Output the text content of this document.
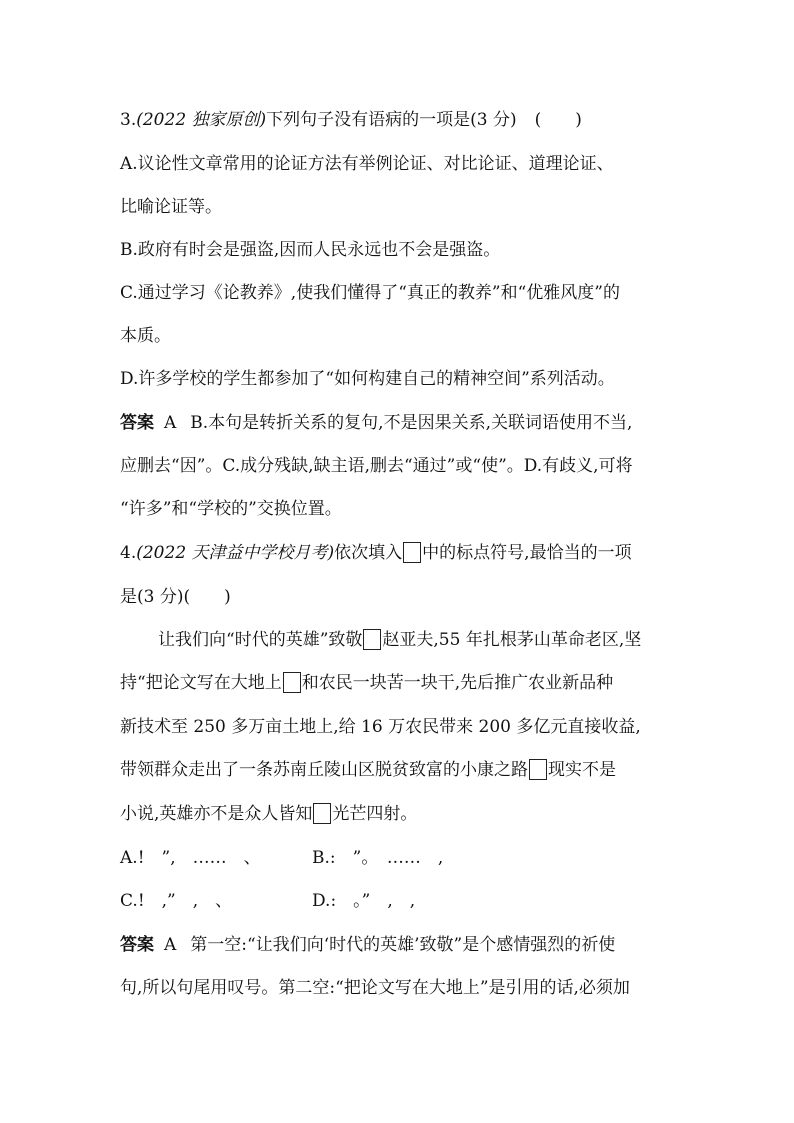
3.(2022 独家原创)下列句子没有语病的一项是(3 分) (　　)
A.议论性文章常用的论证方法有举例论证、对比论证、道理论证、
比喻论证等。
B.政府有时会是强盗,因而人民永远也不会是强盗。
C.通过学习《论教养》,使我们懂得了“真正的教养”和“优雅风度”的
本质。
D.许多学校的学生都参加了“如何构建自己的精神空间”系列活动。
答案 A B.本句是转折关系的复句,不是因果关系,关联词语使用不当,
应删去“因”。C.成分残缺,缺主语,删去“通过”或“使”。D.有歧义,可将
“许多”和“学校的”交换位置。
4.(2022 天津益中学校月考)依次填入 中的标点符号,最恰当的一项
是(3 分)(　　)
让我们向“时代的英雄”致敬 赵亚夫,55 年扎根茅山革命老区,坚
持“把论文写在大地上 和农民一块苦一块干,先后推广农业新品种
新技术至 250 多万亩土地上,给 16 万农民带来 200 多亿元直接收益,
带领群众走出了一条苏南丘陵山区脱贫致富的小康之路 现实不是
小说,英雄亦不是众人皆知 光芒四射。
A.!　”,　……　、	B.:　”。　……　,
C.!　,”　,　、	D.:　。”　,　,
答案 A 第一空:“让我们向‘时代的英雄’致敬”是个感情强烈的祈使
句,所以句尾用叹号。第二空:“把论文写在大地上”是引用的话,必须加
